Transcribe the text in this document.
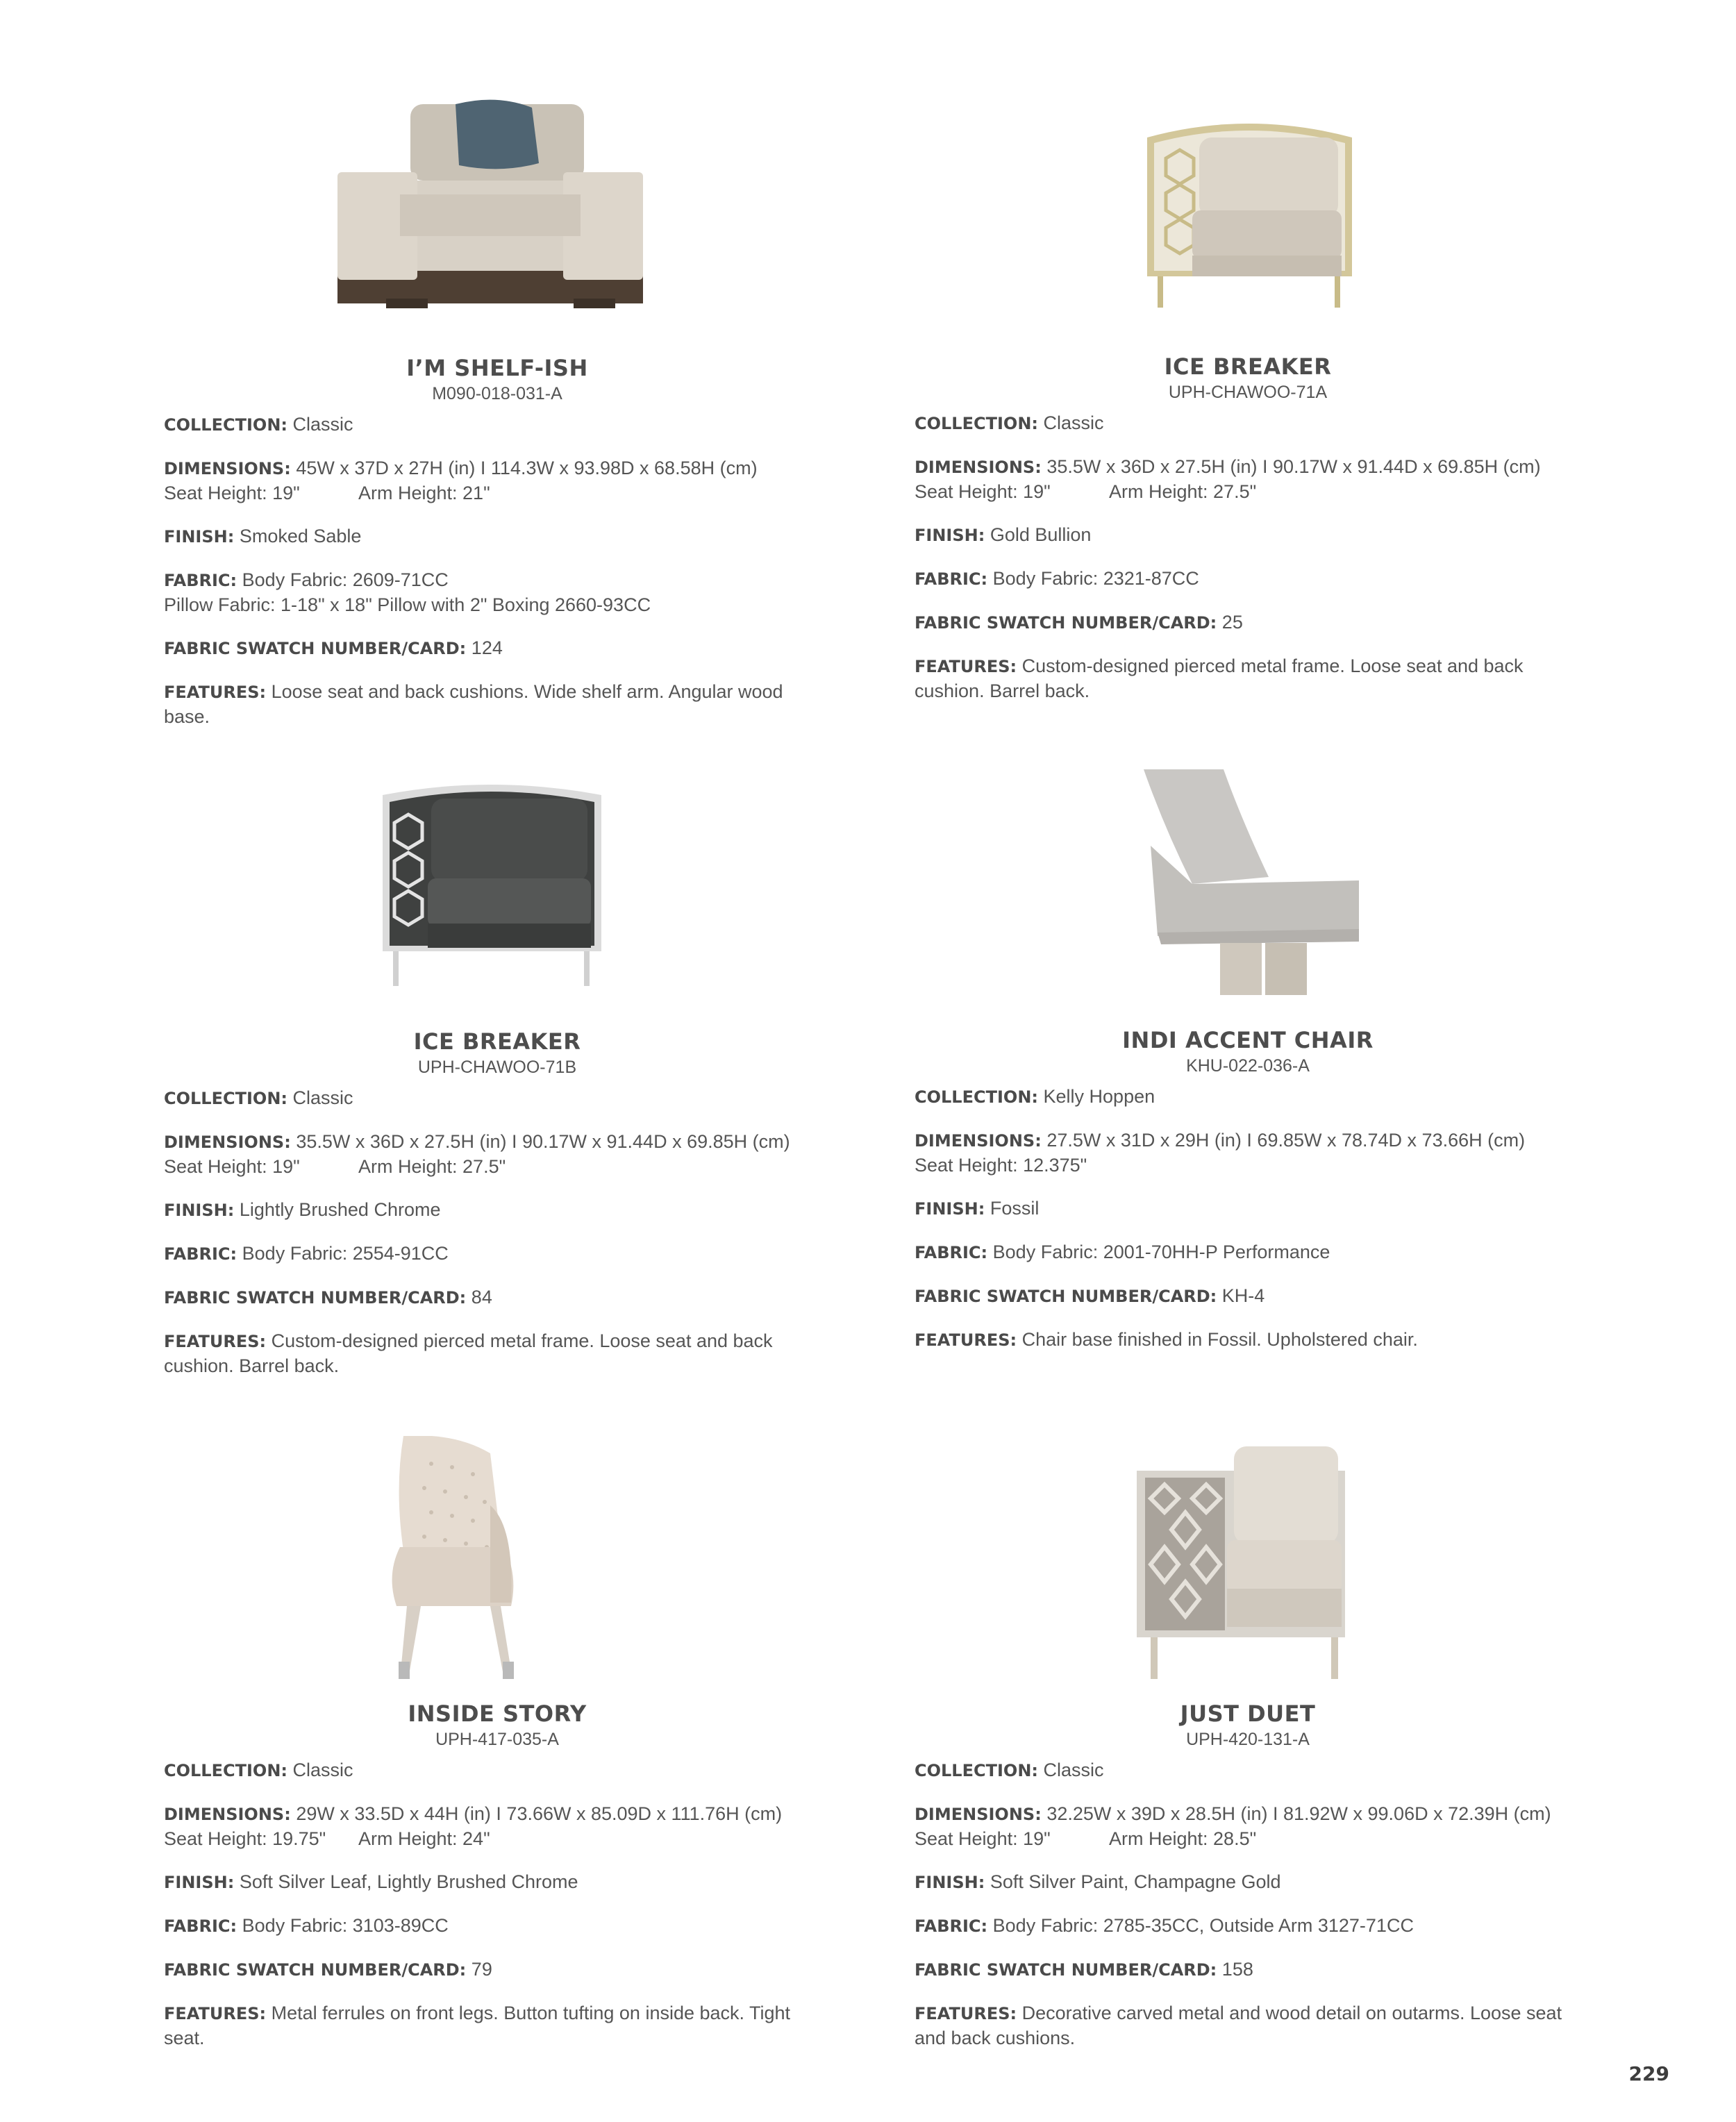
I’M SHELF-ISH
M090-018-031-A
COLLECTION: Classic
DIMENSIONS: 45W x 37D x 27H (in) I 114.3W x 93.98D x 68.58H (cm)
Seat Height: 19"	Arm Height: 21"
FINISH: Smoked Sable
FABRIC: Body Fabric: 2609-71CC
Pillow Fabric: 1-18" x 18" Pillow with 2" Boxing 2660-93CC
FABRIC SWATCH NUMBER/CARD: 124
FEATURES: Loose seat and back cushions. Wide shelf arm. Angular wood base.
ICE BREAKER
UPH-CHAWOO-71A
COLLECTION: Classic
DIMENSIONS: 35.5W x 36D x 27.5H (in) I 90.17W x 91.44D x 69.85H (cm)
Seat Height: 19"	Arm Height: 27.5"
FINISH: Gold Bullion
FABRIC: Body Fabric: 2321-87CC
FABRIC SWATCH NUMBER/CARD: 25
FEATURES: Custom-designed pierced metal frame. Loose seat and back cushion. Barrel back.
ICE BREAKER
UPH-CHAWOO-71B
COLLECTION: Classic
DIMENSIONS: 35.5W x 36D x 27.5H (in) I 90.17W x 91.44D x 69.85H (cm)
Seat Height: 19"	Arm Height: 27.5"
FINISH: Lightly Brushed Chrome
FABRIC: Body Fabric: 2554-91CC
FABRIC SWATCH NUMBER/CARD: 84
FEATURES: Custom-designed pierced metal frame. Loose seat and back cushion. Barrel back.
INDI ACCENT CHAIR
KHU-022-036-A
COLLECTION: Kelly Hoppen
DIMENSIONS: 27.5W x 31D x 29H (in) I 69.85W x 78.74D x 73.66H (cm)
Seat Height: 12.375"
FINISH: Fossil
FABRIC: Body Fabric: 2001-70HH-P Performance
FABRIC SWATCH NUMBER/CARD: KH-4
FEATURES: Chair base finished in Fossil. Upholstered chair.
INSIDE STORY
UPH-417-035-A
COLLECTION: Classic
DIMENSIONS: 29W x 33.5D x 44H (in) I 73.66W x 85.09D x 111.76H (cm)
Seat Height: 19.75" Arm Height: 24"
FINISH: Soft Silver Leaf, Lightly Brushed Chrome
FABRIC: Body Fabric: 3103-89CC
FABRIC SWATCH NUMBER/CARD: 79
FEATURES: Metal ferrules on front legs. Button tufting on inside back. Tight seat.
JUST DUET
UPH-420-131-A
COLLECTION: Classic
DIMENSIONS: 32.25W x 39D x 28.5H (in) I 81.92W x 99.06D x 72.39H (cm)
Seat Height: 19"	Arm Height: 28.5"
FINISH: Soft Silver Paint, Champagne Gold
FABRIC: Body Fabric: 2785-35CC, Outside Arm 3127-71CC
FABRIC SWATCH NUMBER/CARD: 158
FEATURES: Decorative carved metal and wood detail on outarms. Loose seat and back cushions.
229
